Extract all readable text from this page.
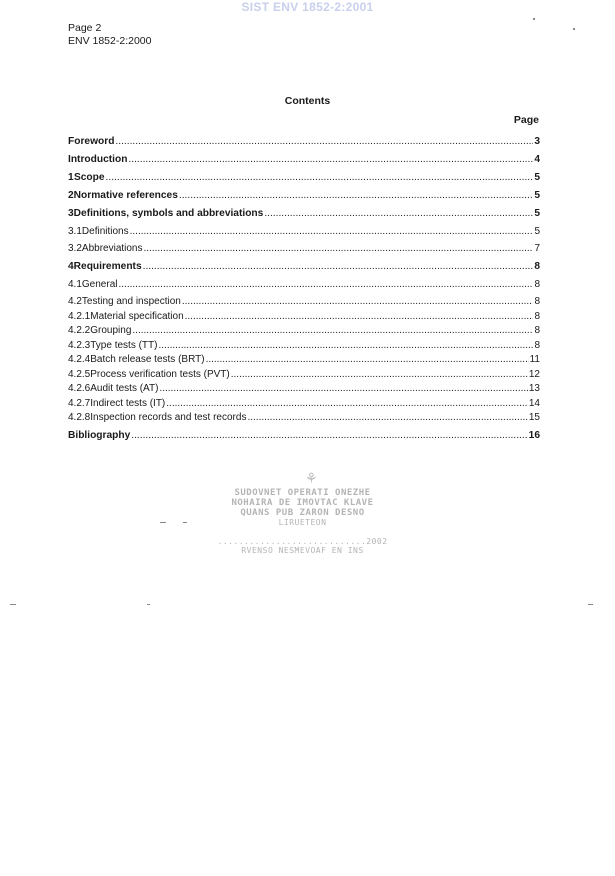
SIST ENV 1852-2:2001
Page 2
ENV 1852-2:2000
Contents
Page
Foreword .....	3
Introduction .....	4
1 Scope .....	5
2 Normative references .....	5
3 Definitions, symbols and abbreviations .....	5
3.1 Definitions .....	5
3.2 Abbreviations .....	7
4 Requirements .....	8
4.1 General .....	8
4.2 Testing and inspection .....	8
4.2.1 Material specification .....	8
4.2.2 Grouping .....	8
4.2.3 Type tests (TT) .....	8
4.2.4 Batch release tests (BRT) .....	11
4.2.5 Process verification tests (PVT) .....	12
4.2.6 Audit tests (AT) .....	13
4.2.7 Indirect tests (IT) .....	14
4.2.8 Inspection records and test records .....	15
Bibliography .....	16
⚘
SUDOVNET OPERATI ONEZHE
NOHAIRA DE IMOVTAC KLAVE
QUANS PUB ZARON DESNO
LIRUETEON
............................2002
RVENSO NESMEVOAF EN INS
